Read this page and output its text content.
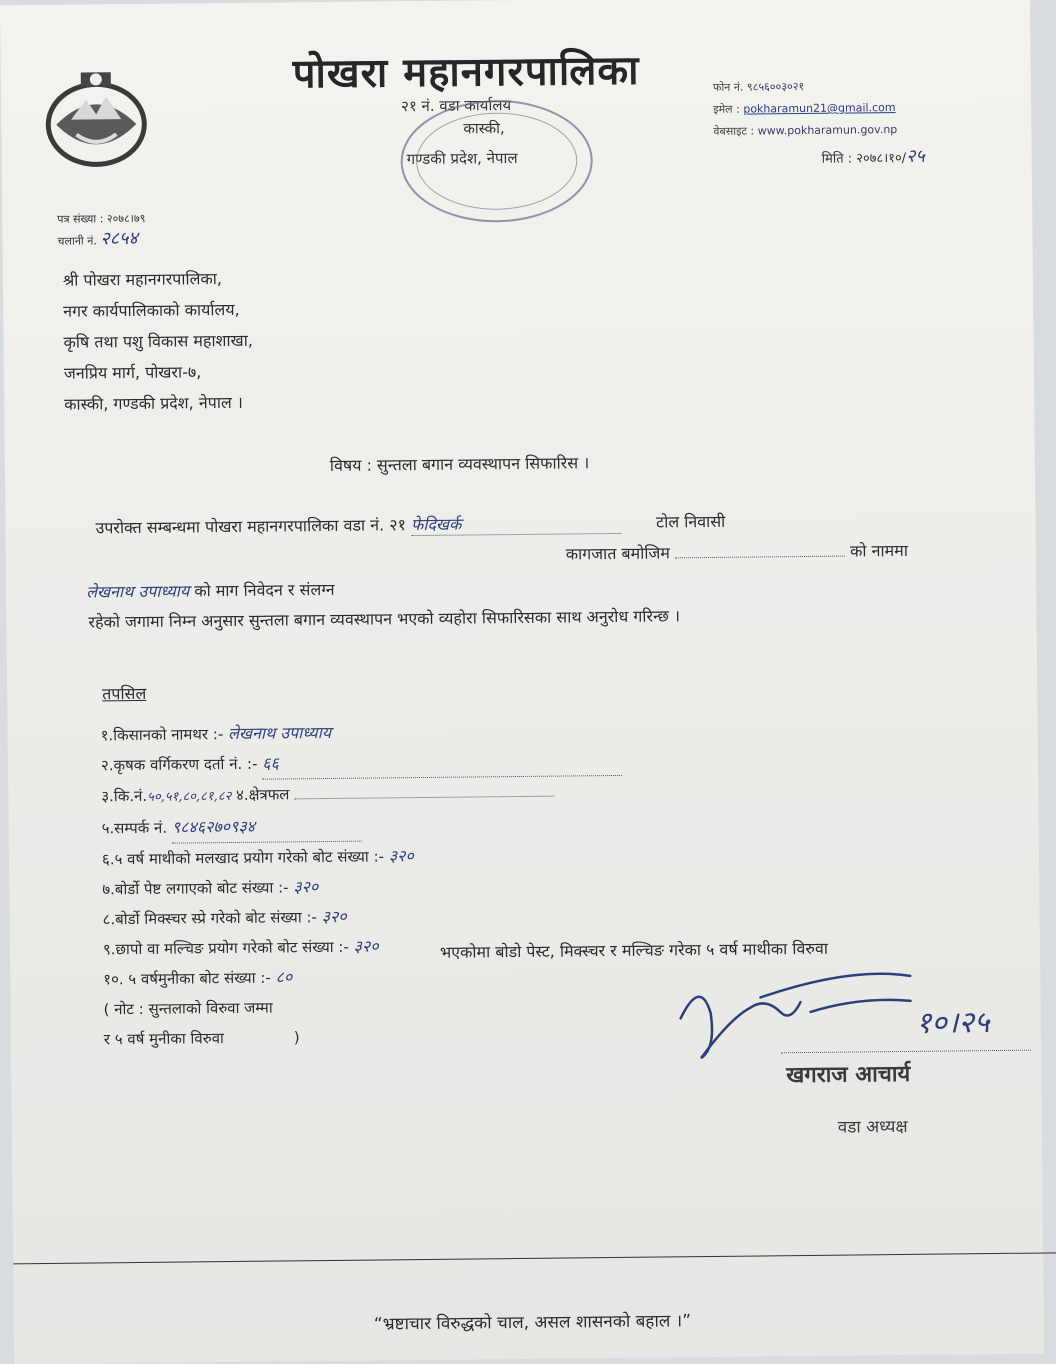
पोखरा महानगरपालिका
२१ नं. वडा कार्यालय
कास्की,
गण्डकी प्रदेश, नेपाल
फोन नं. ९८५६००३०२१
इमेल : pokharamun21@gmail.com
वेबसाइट : www.pokharamun.gov.np
मिति : २०७८।१०/२५
पत्र संख्या : २०७८।७९
चलानी नं. २८५४
श्री पोखरा महानगरपालिका,
नगर कार्यपालिकाको कार्यालय,
कृषि तथा पशु विकास महाशाखा,
जनप्रिय मार्ग, पोखरा-७,
कास्की, गण्डकी प्रदेश, नेपाल ।
विषय : सुन्तला बगान व्यवस्थापन सिफारिस ।
उपरोक्त सम्बन्धमा पोखरा महानगरपालिका वडा नं. २१ फेदिखर्क	टोल निवासी
कागजात बमोजिम	को नाममा
लेखनाथ उपाध्याय को माग निवेदन र संलग्न
रहेको जगामा निम्न अनुसार सुन्तला बगान व्यवस्थापन भएको व्यहोरा सिफारिसका साथ अनुरोध गरिन्छ ।
तपसिल
१.किसानको नामथर :- लेखनाथ उपाध्याय
२.कृषक वर्गिकरण दर्ता नं. :- ६६
३.कि.नं.५०,५१,८०,८१,८२ ४.क्षेत्रफल
५.सम्पर्क नं. ९८४६२७०९३४
६.५ वर्ष माथीको मलखाद प्रयोग गरेको बोट संख्या :- ३२०
७.बोर्डो पेष्ट लगाएको बोट संख्या :- ३२०
८.बोर्डो मिक्स्चर स्प्रे गरेको बोट संख्या :- ३२०
९.छापो वा मल्चिङ प्रयोग गरेको बोट संख्या :- ३२०
१०. ५ वर्षमुनीका बोट संख्या :- ८०
( नोट : सुन्तलाको विरुवा जम्मा
र ५ वर्ष मुनीका विरुवा	)
भएकोमा बोडो पेस्ट, मिक्स्चर र मल्चिङ गरेका ५ वर्ष माथीका विरुवा
१०।२५
खगराज आचार्य
वडा अध्यक्ष
“भ्रष्टाचार विरुद्धको चाल, असल शासनको बहाल ।”
